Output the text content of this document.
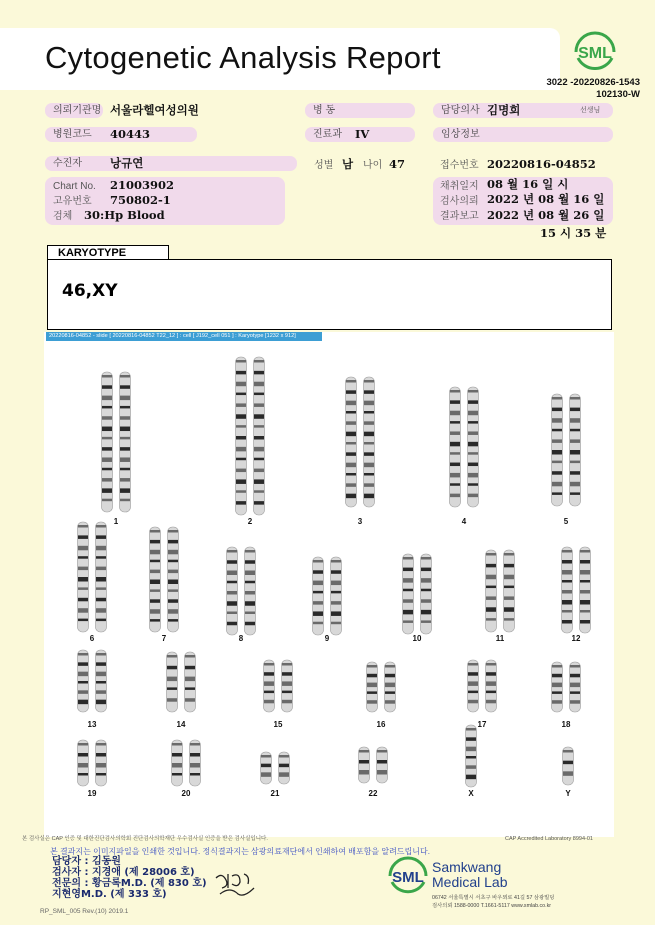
Cytogenetic Analysis Report	SML
3022 -20220826-1543
102130-W
의뢰기관명 서울라헬여성의원	병 동	담당의사 김명희	선생님
병원코드	40443	진료과	IV	임상정보
수진자	낭규연	성별 남 나이 47	접수번호 20220816-04852
Chart No. 21003902
고유번호 750802-1
검체 30:Hp Blood
채취일지 08 월 16 일 시
검사의뢰 2022 년 08 월 16 일
결과보고 2022 년 08 월 26 일
15 시 35 분
KARYOTYPE
46,XY
20220816-04852 - slide [ 20220816-04852 T22_12 ] : cell [ J192_cell 051 ] : Karyotype [1232 x 912]
1	2	3	4	5
6	7	8	9	10	11	12
13	14	15	16	17	18
19	20	21	22	X	Y
본 검사실은 CAP 인증 및 대한진단검사의학회 진단검사의학재단 우수검사실 인증을 받은 검사실입니다.	CAP Accredited Laboratory 8994-01
본 결과지는 이미지파일을 인쇄한 것입니다. 정식결과지는 삼광의료재단에서 인쇄하여 배포함을 알려드립니다.
담당자 : 김동원
검사자 : 지경애 (제 28006 호)
전문의 : 황금록M.D. (제 830 호)
지현영M.D. (제 333 호)
SML
Samkwang
Medical Lab
06742 서울특별시 서초구 바우뫼로 41길 57 삼광빌딩
검사의뢰 1588-0000 T.1661-5117 www.smlab.co.kr
RP_SML_005 Rev.(10) 2019.1
